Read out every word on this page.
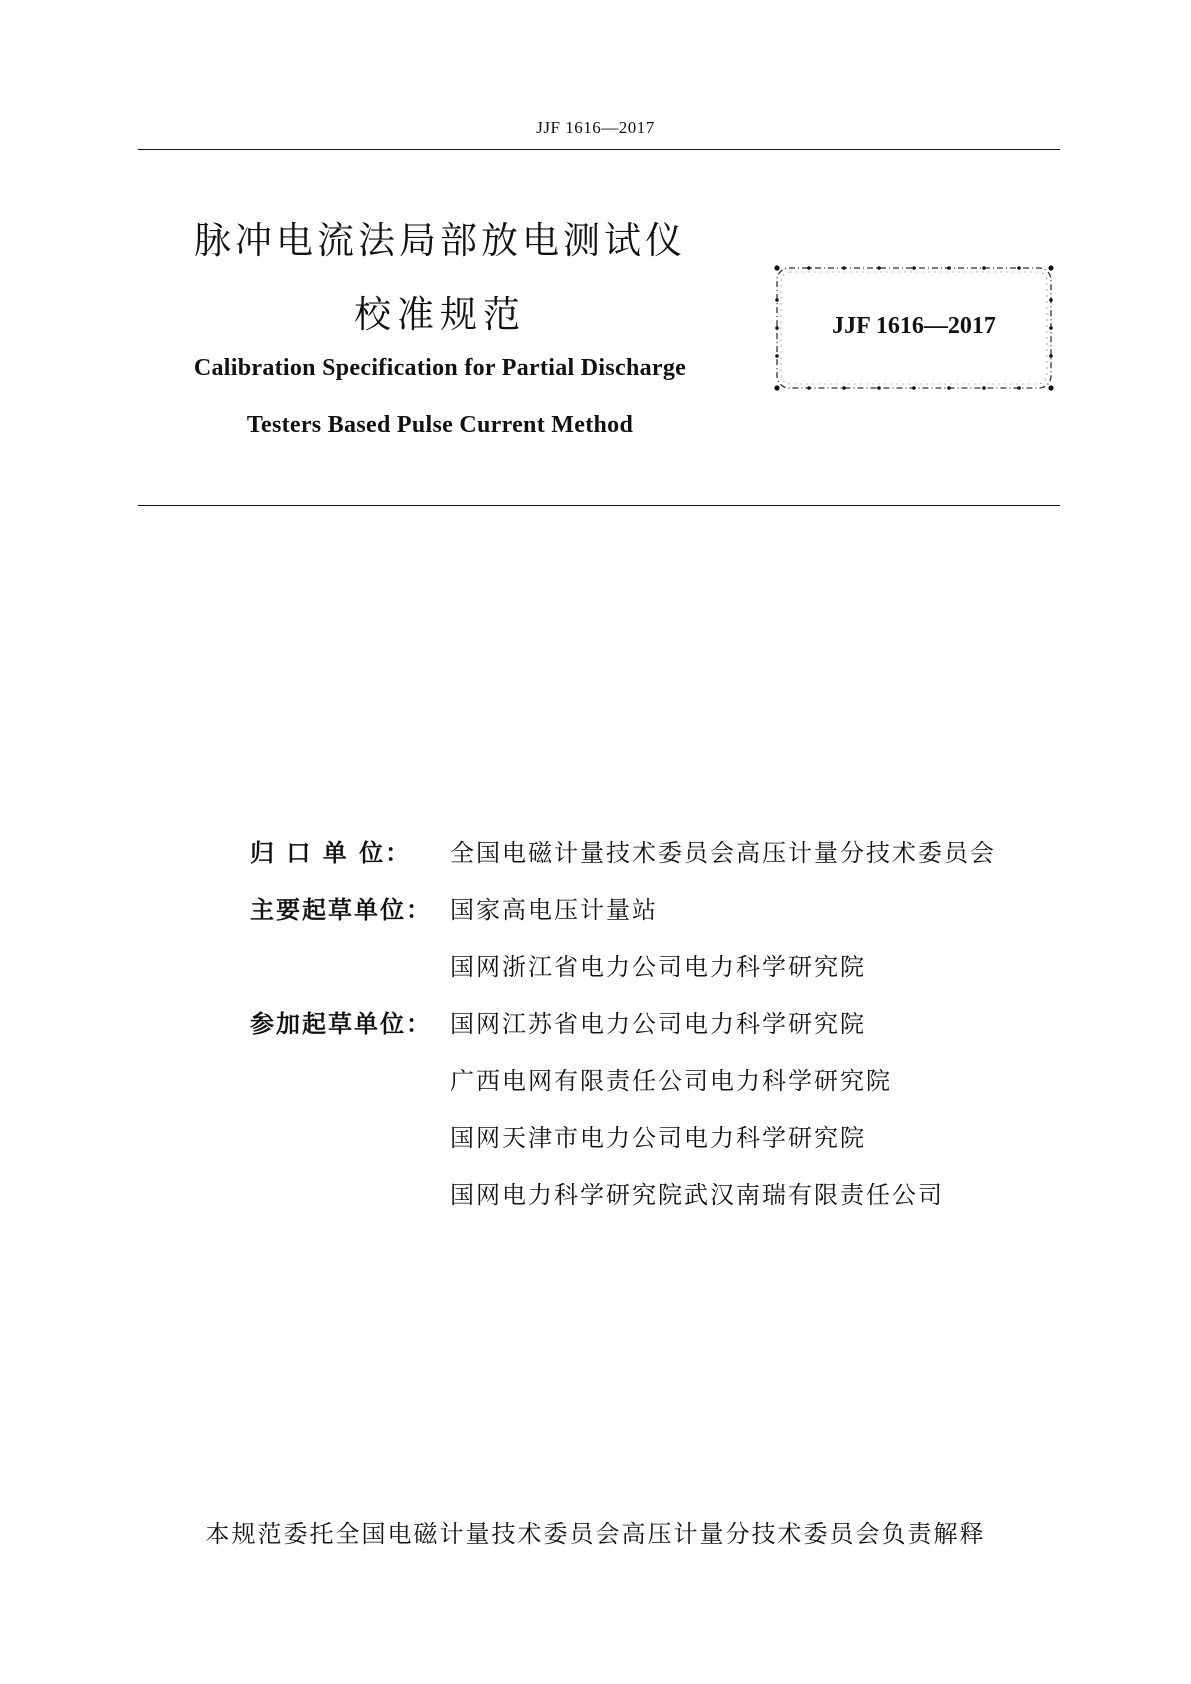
JJF 1616—2017
脉冲电流法局部放电测试仪
校准规范
Calibration Specification for Partial Discharge
Testers Based Pulse Current Method
JJF 1616—2017
归 口 单 位：	全国电磁计量技术委员会高压计量分技术委员会
主要起草单位： 国家高电压计量站
国网浙江省电力公司电力科学研究院
参加起草单位： 国网江苏省电力公司电力科学研究院
广西电网有限责任公司电力科学研究院
国网天津市电力公司电力科学研究院
国网电力科学研究院武汉南瑞有限责任公司
本规范委托全国电磁计量技术委员会高压计量分技术委员会负责解释
